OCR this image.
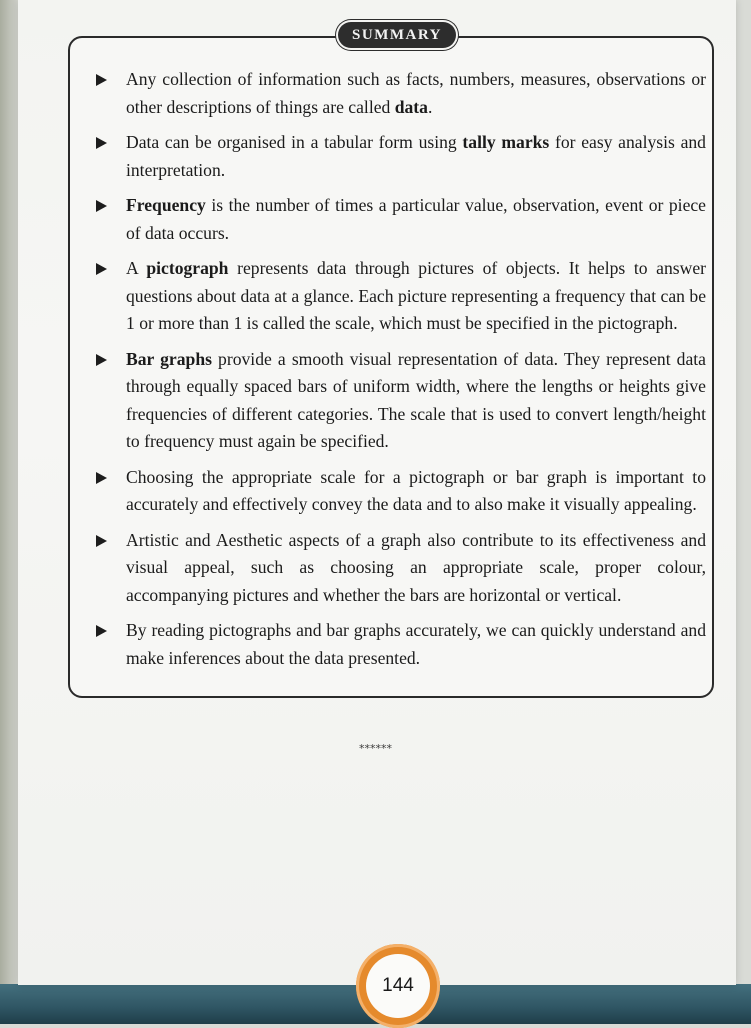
SUMMARY
Any collection of information such as facts, numbers, measures, observations or other descriptions of things are called data.
Data can be organised in a tabular form using tally marks for easy analysis and interpretation.
Frequency is the number of times a particular value, observation, event or piece of data occurs.
A pictograph represents data through pictures of objects. It helps to answer questions about data at a glance. Each picture representing a frequency that can be 1 or more than 1 is called the scale, which must be specified in the pictograph.
Bar graphs provide a smooth visual representation of data. They represent data through equally spaced bars of uniform width, where the lengths or heights give frequencies of different categories. The scale that is used to convert length/height to frequency must again be specified.
Choosing the appropriate scale for a pictograph or bar graph is important to accurately and effectively convey the data and to also make it visually appealing.
Artistic and Aesthetic aspects of a graph also contribute to its effectiveness and visual appeal, such as choosing an appropriate scale, proper colour, accompanying pictures and whether the bars are horizontal or vertical.
By reading pictographs and bar graphs accurately, we can quickly understand and make inferences about the data presented.
******
144
